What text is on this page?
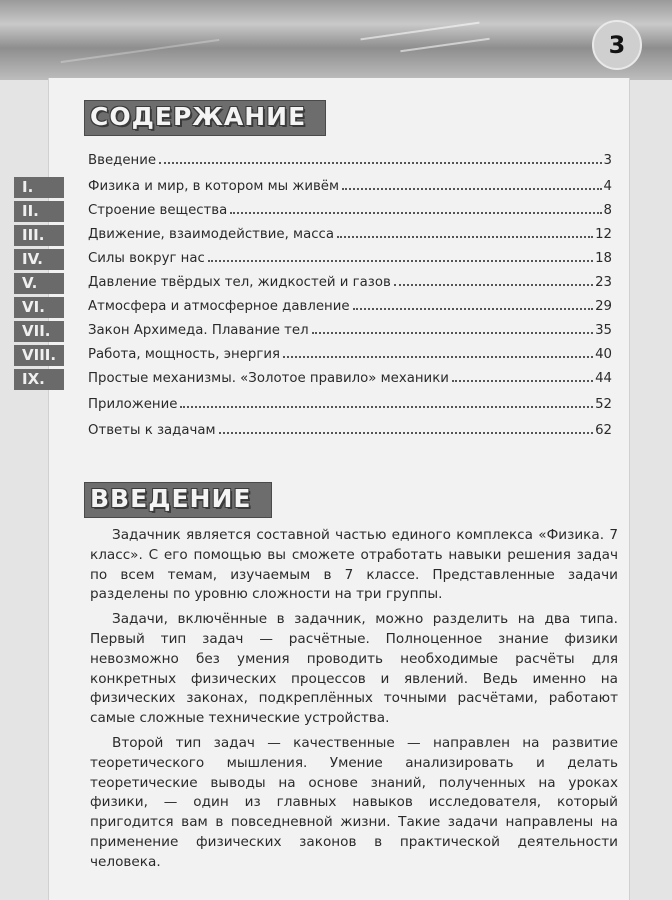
3
СОДЕРЖАНИЕ
I.
II.
III.
IV.
V.
VI.
VII.
VIII.
IX.
Введение	3
Физика и мир, в котором мы живём	4
Строение вещества	8
Движение, взаимодействие, масса	12
Силы вокруг нас	18
Давление твёрдых тел, жидкостей и газов	23
Атмосфера и атмосферное давление	29
Закон Архимеда. Плавание тел	35
Работа, мощность, энергия	40
Простые механизмы. «Золотое правило» механики	44
Приложение	52
Ответы к задачам	62
ВВЕДЕНИЕ

Задачник является составной частью единого комплекса «Физика. 7 класс». С его помощью вы сможете отработать навыки решения задач по всем темам, изучаемым в 7 классе. Представленные задачи разделены по уровню сложности на три группы.

Задачи, включённые в задачник, можно разделить на два типа. Первый тип задач — расчётные. Полноценное знание физики невозможно без умения проводить необходимые расчёты для конкретных физических процессов и явлений. Ведь именно на физических законах, подкреплённых точными расчётами, работают самые сложные технические устройства.

Второй тип задач — качественные — направлен на развитие теоретического мышления. Умение анализировать и делать теоретические выводы на основе знаний, полученных на уроках физики, — один из главных навыков исследователя, который пригодится вам в повседневной жизни. Такие задачи направлены на применение физических законов в практической деятельности человека.
